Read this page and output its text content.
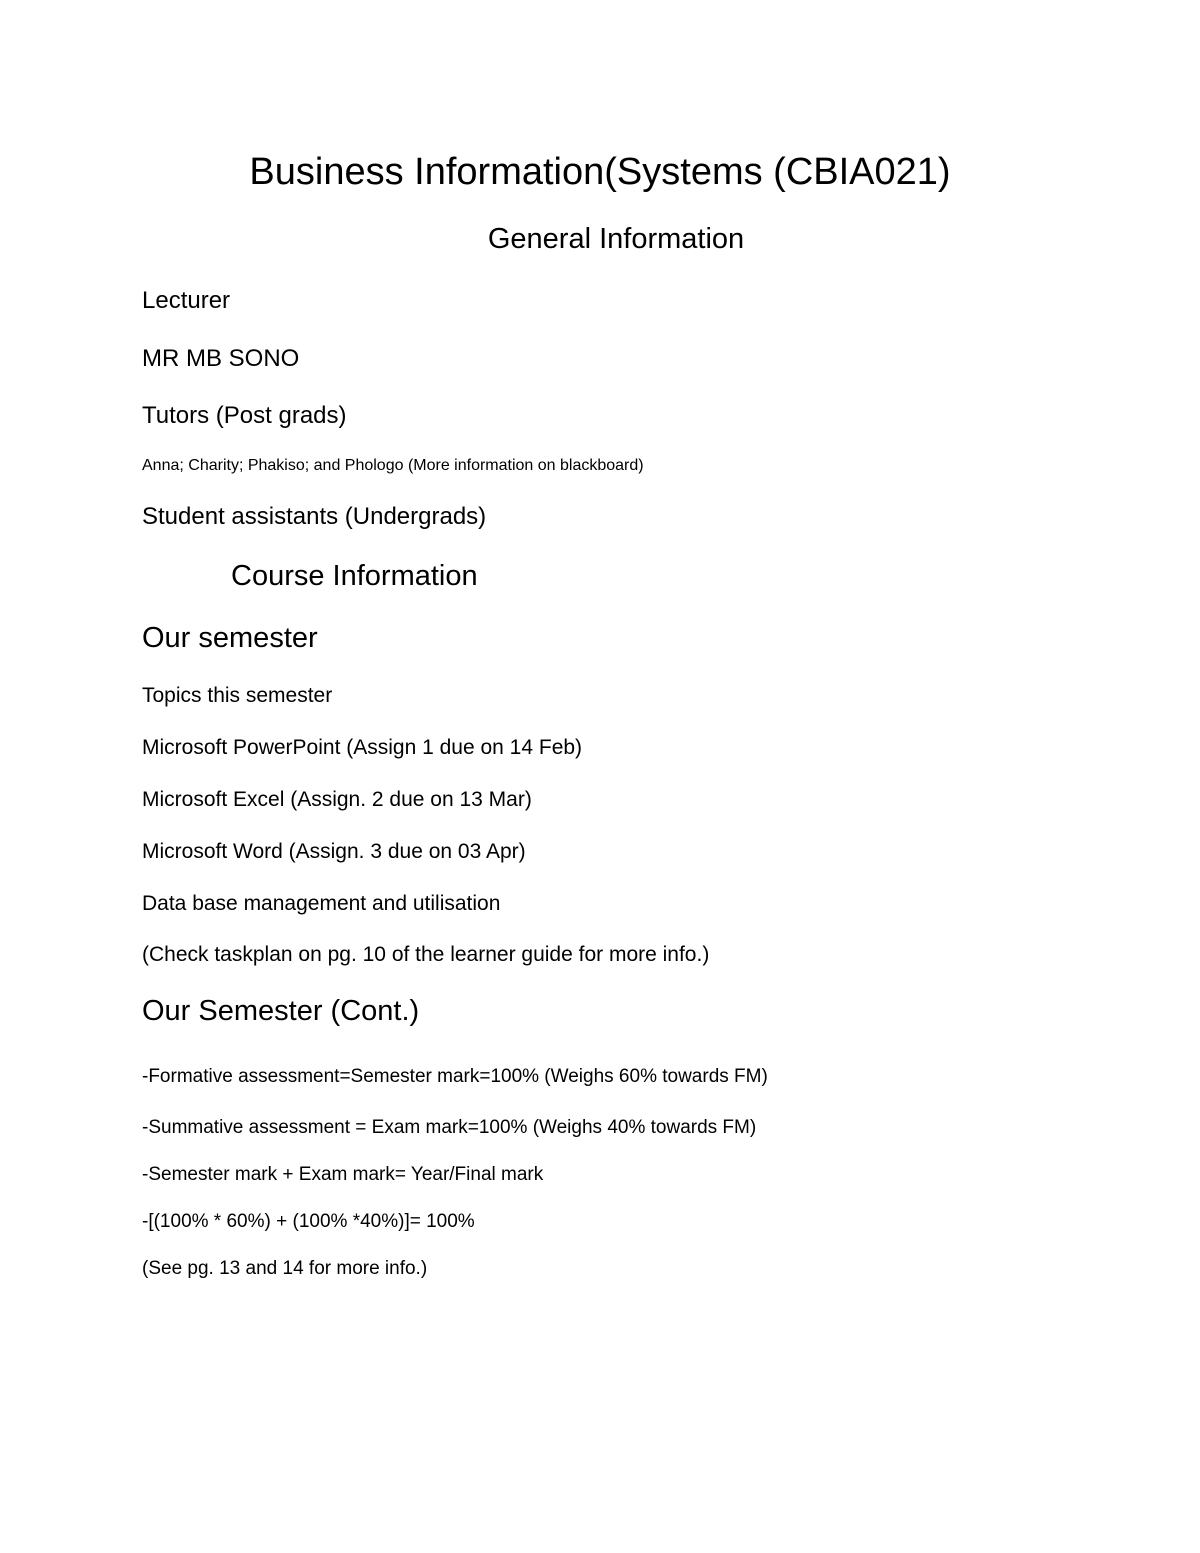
Business Information(Systems (CBIA021)
General Information
Lecturer
MR MB SONO
Tutors (Post grads)
Anna; Charity; Phakiso; and Phologo (More information on blackboard)
Student assistants (Undergrads)
Course Information
Our semester
Topics this semester
Microsoft PowerPoint (Assign 1 due on 14 Feb)
Microsoft Excel (Assign. 2 due on 13 Mar)
Microsoft Word (Assign. 3 due on 03 Apr)
Data base management and utilisation
(Check taskplan on pg. 10 of the learner guide for more info.)
Our Semester (Cont.)
-Formative assessment=Semester mark=100% (Weighs 60% towards FM)
-Summative assessment = Exam mark=100% (Weighs 40% towards FM)
-Semester mark + Exam mark= Year/Final mark
-[(100% * 60%) + (100% *40%)]= 100%
(See pg. 13 and 14 for more info.)
